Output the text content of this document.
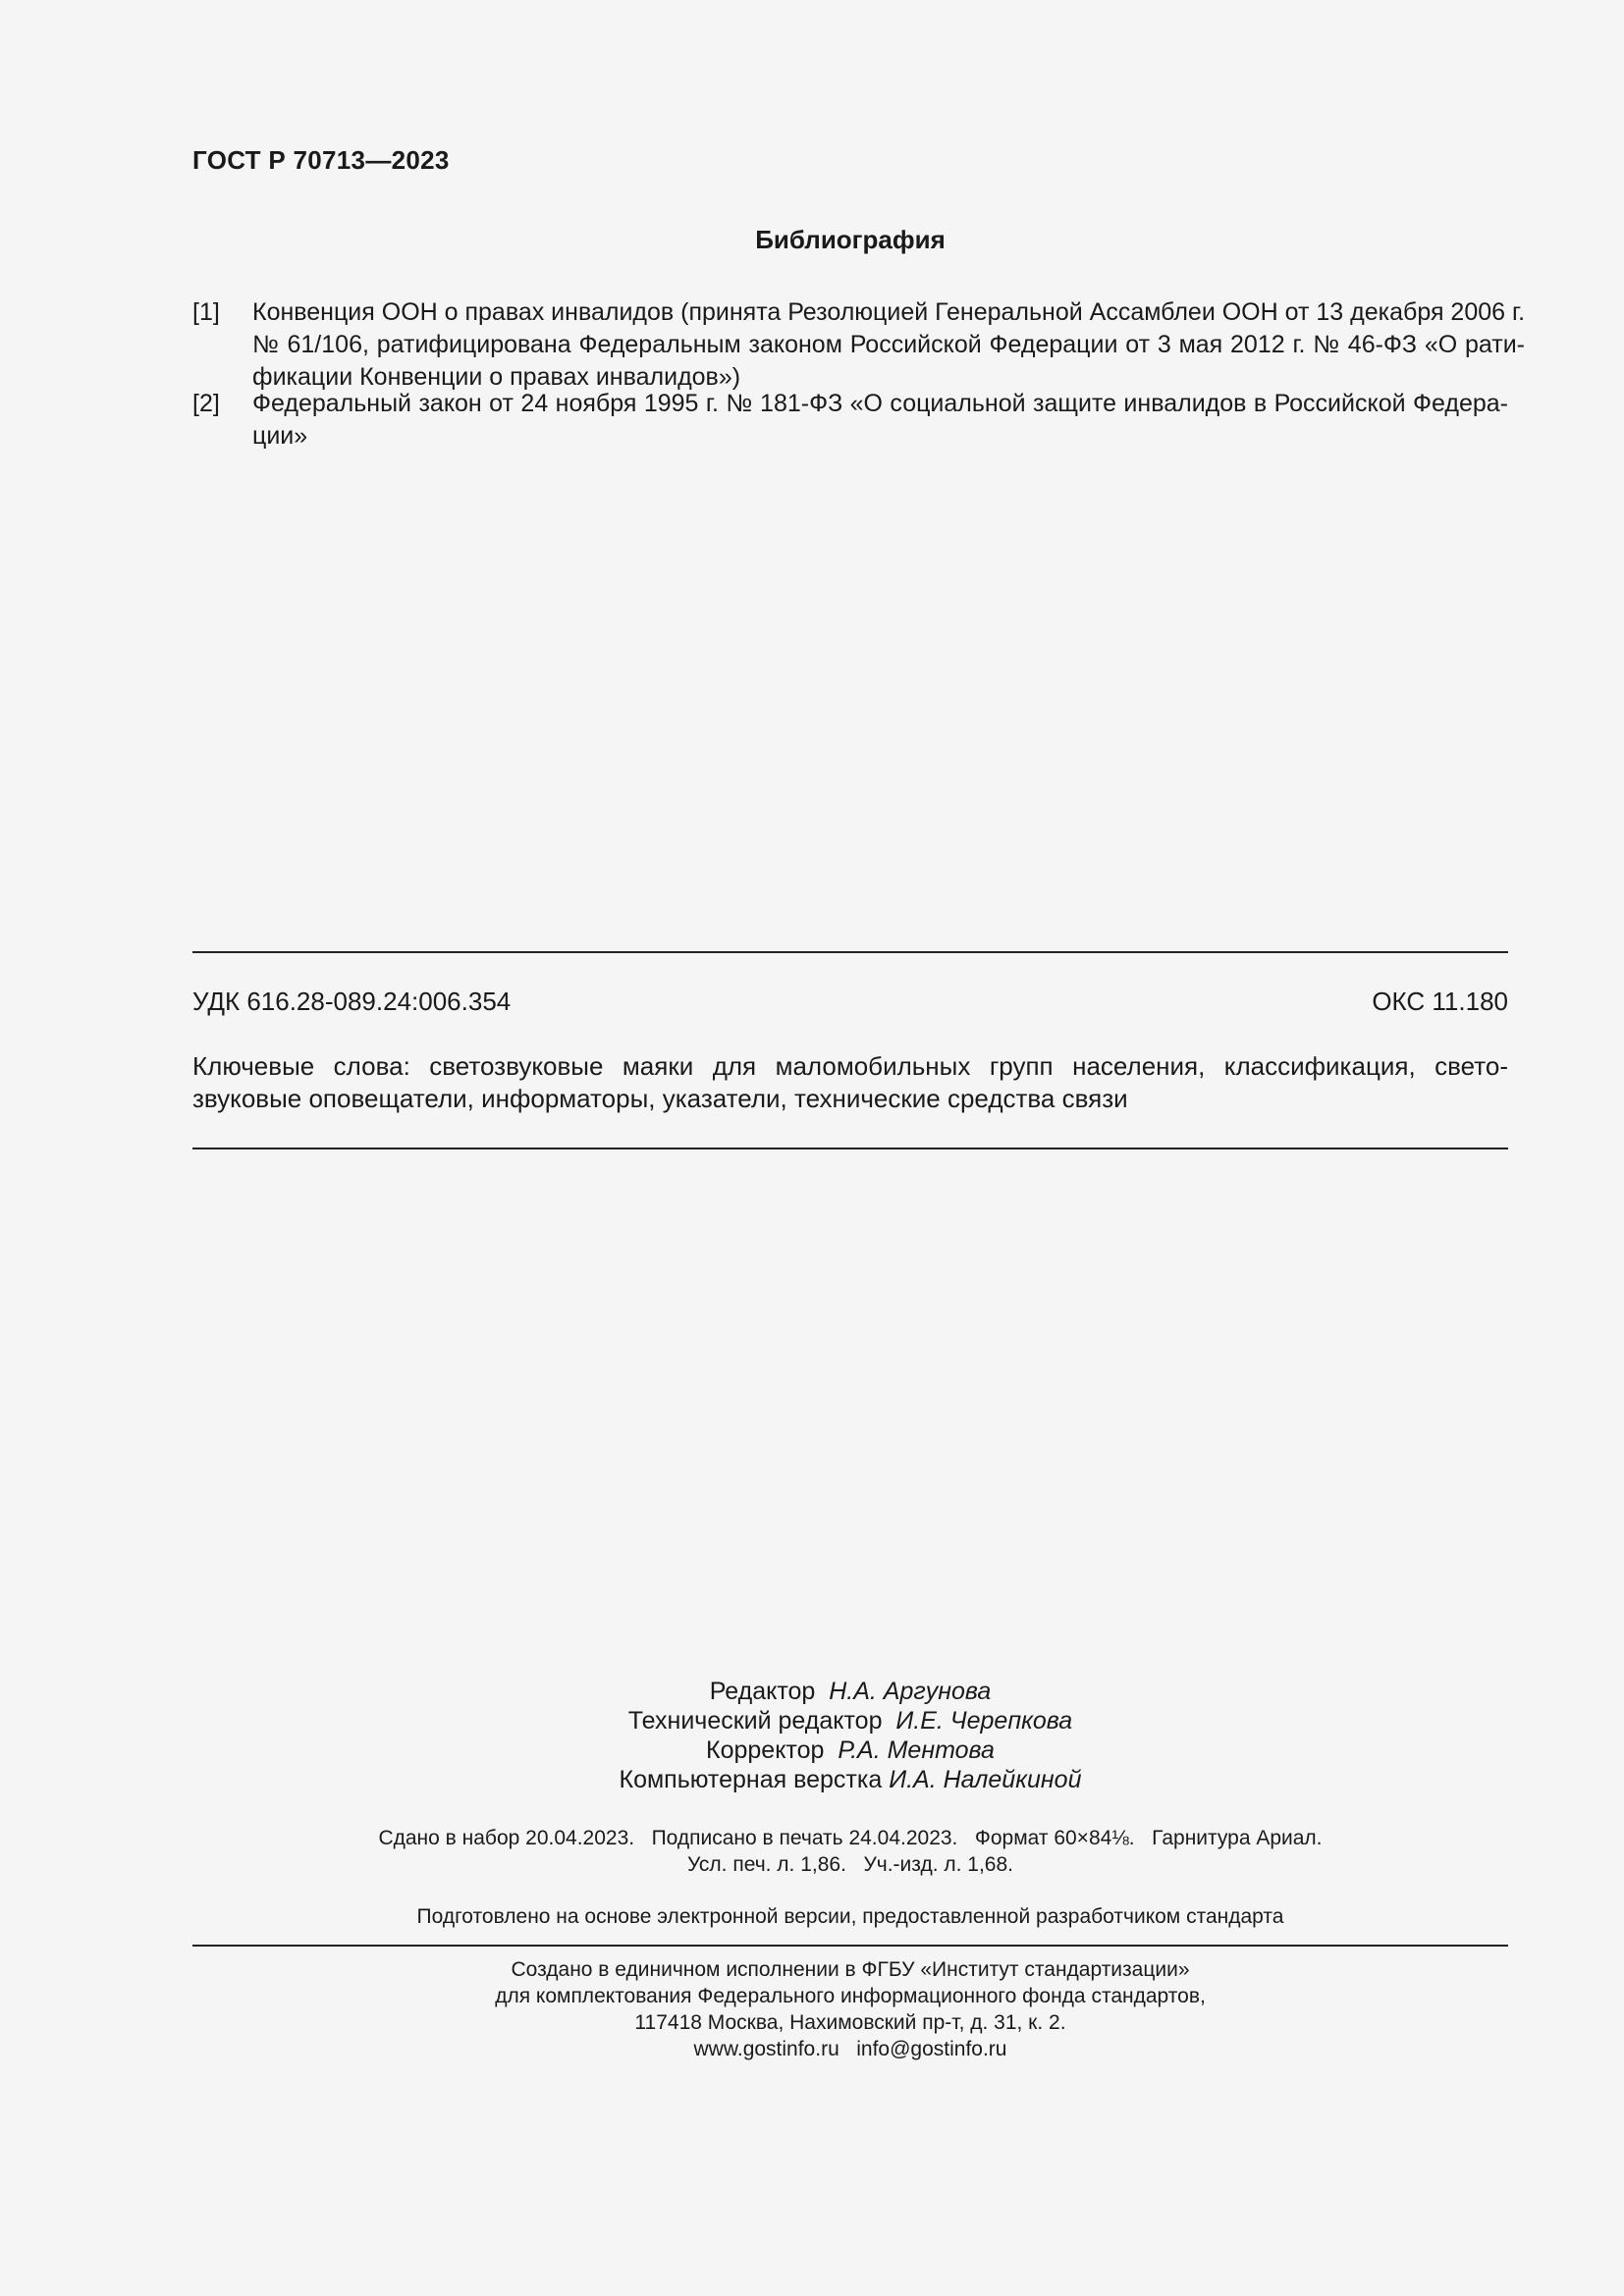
ГОСТ Р 70713—2023
Библиография
[1]	Конвенция ООН о правах инвалидов (принята Резолюцией Генеральной Ассамблеи ООН от 13 декабря 2006 г.
№ 61/106, ратифицирована Федеральным законом Российской Федерации от 3 мая 2012 г. № 46-ФЗ «О рати-
фикации Конвенции о правах инвалидов»)
[2]	Федеральный закон от 24 ноября 1995 г. № 181-ФЗ «О социальной защите инвалидов в Российской Федера-
ции»
УДК 616.28-089.24:006.354	ОКС 11.180
Ключевые слова: светозвуковые маяки для маломобильных групп населения, классификация, свето-
звуковые оповещатели, информаторы, указатели, технические средства связи
Редактор Н.А. Аргунова
Технический редактор И.Е. Черепкова
Корректор Р.А. Ментова
Компьютерная верстка И.А. Налейкиной
Сдано в набор 20.04.2023.   Подписано в печать 24.04.2023.   Формат 60×84⅛.   Гарнитура Ариал.
Усл. печ. л. 1,86.   Уч.-изд. л. 1,68.
Подготовлено на основе электронной версии, предоставленной разработчиком стандарта
Создано в единичном исполнении в ФГБУ «Институт стандартизации»
для комплектования Федерального информационного фонда стандартов,
117418 Москва, Нахимовский пр-т, д. 31, к. 2.
www.gostinfo.ru   info@gostinfo.ru
